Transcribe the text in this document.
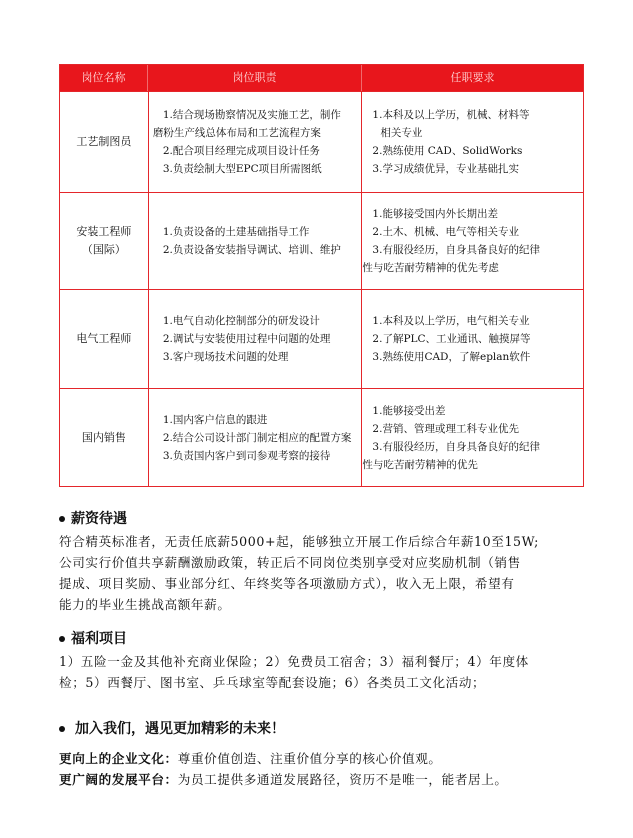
岗位名称	岗位职责	任职要求
工艺制图员

1.结合现场勘察情况及实施工艺，制作

磨粉生产线总体布局和工艺流程方案

2.配合项目经理完成项目设计任务

3.负责绘制大型EPC项目所需图纸

1.本科及以上学历，机械、材料等

相关专业

2.熟练使用 CAD、SolidWorks

3.学习成绩优异，专业基础扎实

安装工程师
（国际）

1.负责设备的土建基础指导工作

2.负责设备安装指导调试、培训、维护

1.能够接受国内外长期出差

2.土木、机械、电气等相关专业

3.有服役经历，自身具备良好的纪律

性与吃苦耐劳精神的优先考虑

电气工程师

1.电气自动化控制部分的研发设计

2.调试与安装使用过程中问题的处理

3.客户现场技术问题的处理

1.本科及以上学历，电气相关专业

2.了解PLC、工业通讯、触摸屏等

3.熟练使用CAD，了解eplan软件

国内销售

1.国内客户信息的跟进

2.结合公司设计部门制定相应的配置方案

3.负责国内客户到司参观考察的接待

1.能够接受出差

2.营销、管理或理工科专业优先

3.有服役经历，自身具备良好的纪律

性与吃苦耐劳精神的优先

薪资待遇

符合精英标准者，无责任底薪5000+起，能够独立开展工作后综合年薪10至15W;

公司实行价值共享薪酬激励政策，转正后不同岗位类别享受对应奖励机制（销售

提成、项目奖励、事业部分红、年终奖等各项激励方式），收入无上限，希望有

能力的毕业生挑战高额年薪。

福利项目

1）五险一金及其他补充商业保险；2）免费员工宿舍；3）福利餐厅；4）年度体

检；5）西餐厅、图书室、乒乓球室等配套设施；6）各类员工文化活动；

加入我们，遇见更加精彩的未来！

更向上的企业文化：尊重价值创造、注重价值分享的核心价值观。

更广阔的发展平台：为员工提供多通道发展路径，资历不是唯一，能者居上。
